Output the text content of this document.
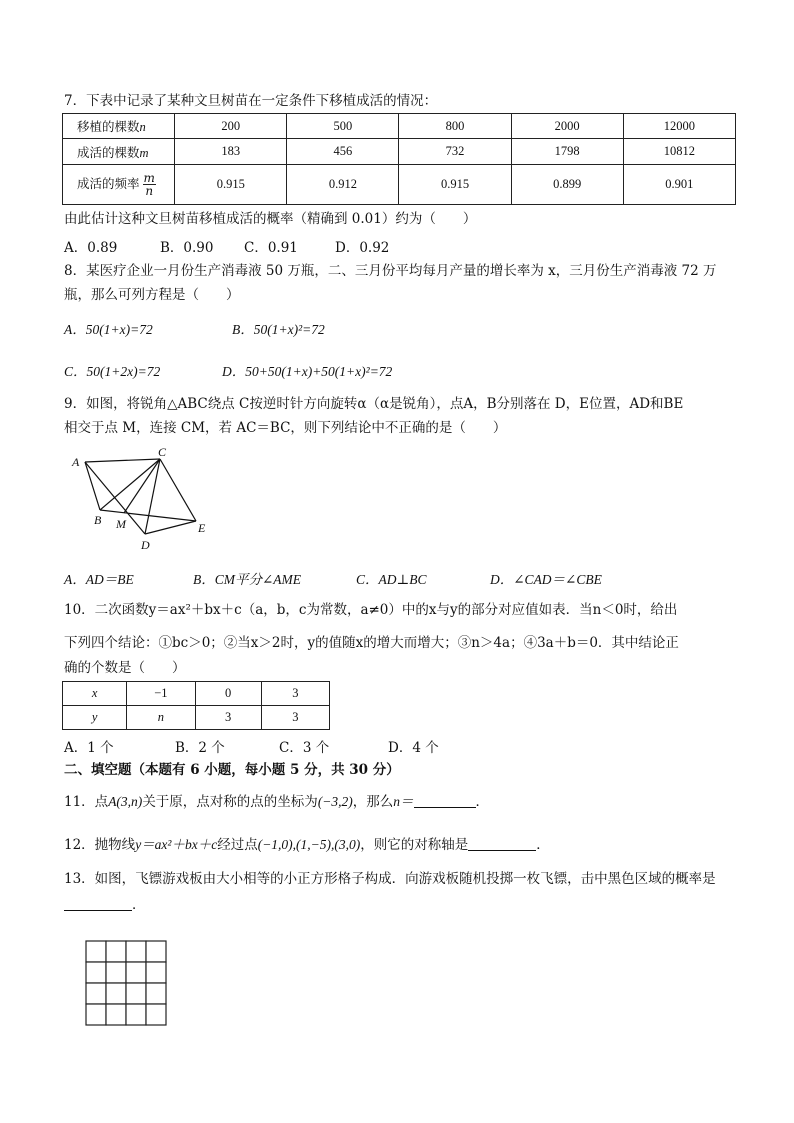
7．下表中记录了某种文旦树苗在一定条件下移植成活的情况：
移植的棵数n	200	500	800	2000	12000
成活的棵数m	183	456	732	1798	10812
成活的频率 $\frac{m}{n}$	0.915	0.912	0.915	0.899	0.901
由此估计这种文旦树苗移植成活的概率（精确到 0.01）约为（　　）
A．0.89	B．0.90 C．0.91	D．0.92
8．某医疗企业一月份生产消毒液 50 万瓶，二、三月份平均每月产量的增长率为 x，三月份生产消毒液 72 万
瓶，那么可列方程是（　　）
A．50(1+x)=72	B．50(1+x)²=72
C．50(1+2x)=72	D．50+50(1+x)+50(1+x)²=72
9．如图，将锐角△ABC绕点 C按逆时针方向旋转α（α是锐角），点A，B分别落在 D，E位置，AD和BE
相交于点 M，连接 CM，若 AC＝BC，则下列结论中不正确的是（　　）
A
C
B M	E
D
A．AD＝BE	B．CM平分∠AME	C．AD⊥BC	D．∠CAD＝∠CBE
10．二次函数y＝ax²＋bx＋c（a，b，c为常数，a≠0）中的x与y的部分对应值如表．当n＜0时，给出
下列四个结论：①bc＞0；②当x＞2时，y的值随x的增大而增大；③n＞4a；④3a＋b＝0．其中结论正
确的个数是（　　）
x	−1	0	3
y	n	3	3
A．1 个	B．2 个	C．3 个	D．4 个
二、填空题（本题有 6 小题，每小题 5 分，共 30 分）
11．点A(3,n)关于原，点对称的点的坐标为(−3,2)，那么n＝	．
12．抛物线y＝ax²＋bx＋c经过点(−1,0),(1,−5),(3,0)，则它的对称轴是	．
13．如图，飞镖游戏板由大小相等的小正方形格子构成．向游戏板随机投掷一枚飞镖，击中黑色区域的概率是
．
